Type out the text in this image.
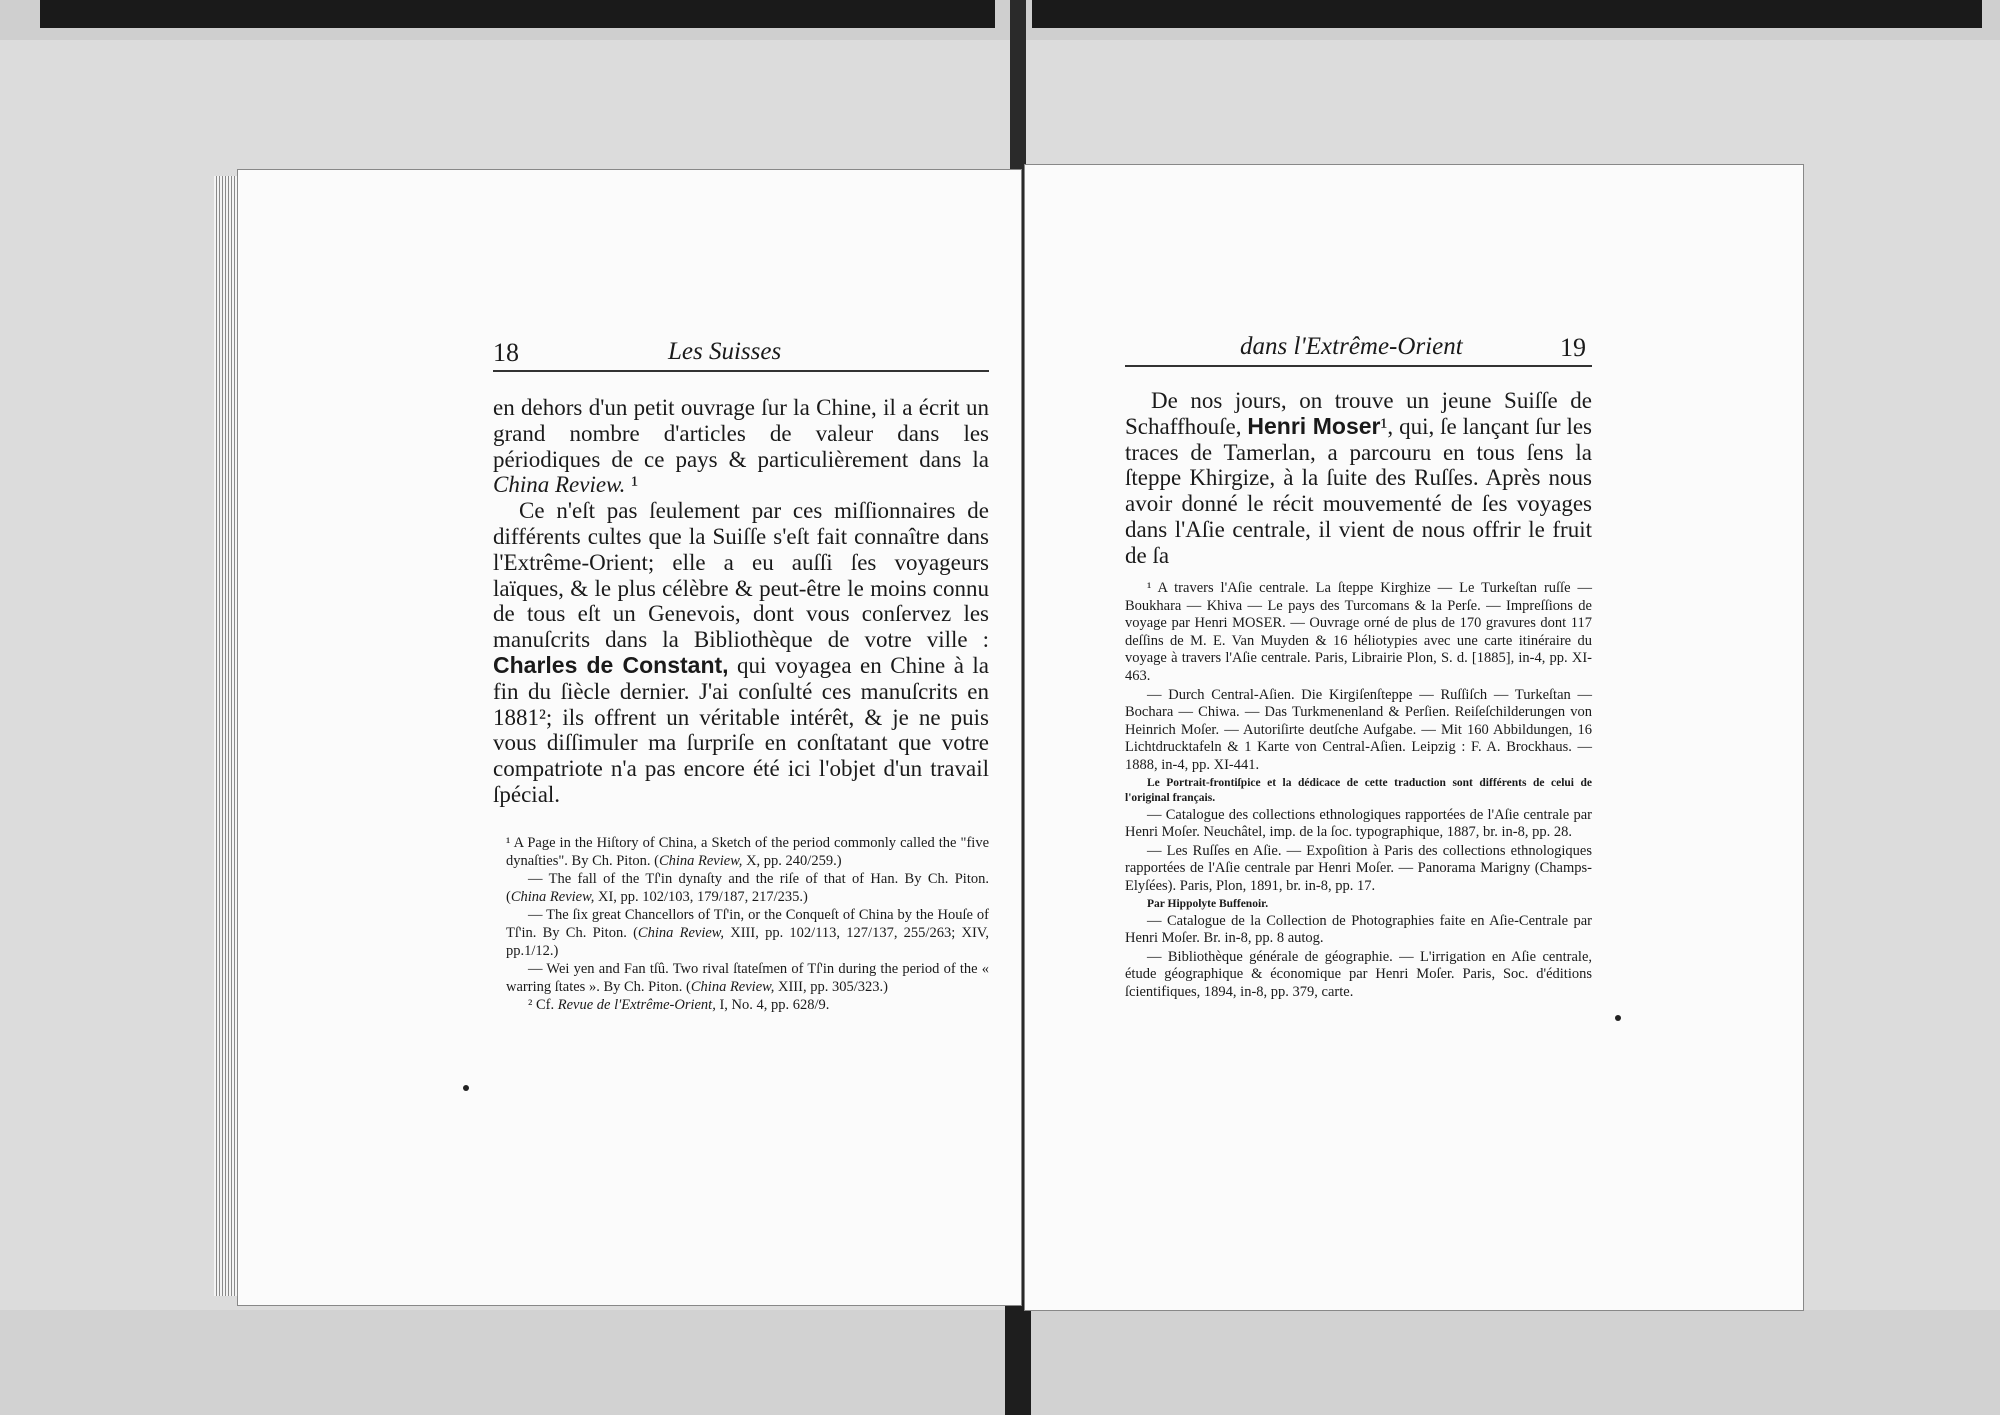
18	Les Suisses

en dehors d'un petit ouvrage ſur la Chine, il a écrit un grand nombre d'articles de valeur dans les périodiques de ce pays & particulièrement dans la China Review. ¹

Ce n'eſt pas ſeulement par ces miſſionnaires de différents cultes que la Suiſſe s'eſt fait connaître dans l'Extrême-Orient; elle a eu auſſi ſes voyageurs laïques, & le plus célèbre & peut-être le moins connu de tous eſt un Genevois, dont vous conſervez les manuſcrits dans la Bibliothèque de votre ville : Charles de Constant, qui voyagea en Chine à la fin du ſiècle dernier. J'ai conſulté ces manuſcrits en 1881²; ils offrent un véritable intérêt, & je ne puis vous diſſimuler ma ſurpriſe en conſtatant que votre compatriote n'a pas encore été ici l'objet d'un travail ſpécial.

¹ A Page in the Hiſtory of China, a Sketch of the period commonly called the "five dynaſties". By Ch. Piton. (China Review, X, pp. 240/259.)

— The fall of the Tſ'in dynaſty and the riſe of that of Han. By Ch. Piton. (China Review, XI, pp. 102/103, 179/187, 217/235.)

— The ſix great Chancellors of Tſ'in, or the Conqueſt of China by the Houſe of Tſ'in. By Ch. Piton. (China Review, XIII, pp. 102/113, 127/137, 255/263; XIV, pp.1/12.)

— Wei yen and Fan tſû. Two rival ſtateſmen of Tſ'in during the period of the « warring ſtates ». By Ch. Piton. (China Review, XIII, pp. 305/323.)

² Cf. Revue de l'Extrême-Orient, I, No. 4, pp. 628/9.

dans l'Extrême-Orient	19

De nos jours, on trouve un jeune Suiſſe de Schaffhouſe, Henri Moser¹, qui, ſe lançant ſur les traces de Tamerlan, a parcouru en tous ſens la ſteppe Khirgize, à la ſuite des Ruſſes. Après nous avoir donné le récit mouvementé de ſes voyages dans l'Aſie centrale, il vient de nous offrir le fruit de ſa

¹ A travers l'Aſie centrale. La ſteppe Kirghize — Le Turkeſtan ruſſe — Boukhara — Khiva — Le pays des Turcomans & la Perſe. — Impreſſions de voyage par Henri MOSER. — Ouvrage orné de plus de 170 gravures dont 117 deſſins de M. E. Van Muyden & 16 héliotypies avec une carte itinéraire du voyage à travers l'Aſie centrale. Paris, Librairie Plon, S. d. [1885], in-4, pp. XI-463.

— Durch Central-Aſien. Die Kirgiſenſteppe — Ruſſiſch — Turkeſtan — Bochara — Chiwa. — Das Turkmenenland & Perſien. Reiſeſchilderungen von Heinrich Moſer. — Autoriſirte deutſche Aufgabe. — Mit 160 Abbildungen, 16 Lichtdrucktafeln & 1 Karte von Central-Aſien. Leipzig : F. A. Brockhaus. — 1888, in-4, pp. XI-441.

Le Portrait-frontiſpice et la dédicace de cette traduction sont différents de celui de l'original français.

— Catalogue des collections ethnologiques rapportées de l'Aſie centrale par Henri Moſer. Neuchâtel, imp. de la ſoc. typographique, 1887, br. in-8, pp. 28.

— Les Ruſſes en Aſie. — Expoſition à Paris des collections ethnologiques rapportées de l'Aſie centrale par Henri Moſer. — Panorama Marigny (Champs-Elyſées). Paris, Plon, 1891, br. in-8, pp. 17.

Par Hippolyte Buffenoir.

— Catalogue de la Collection de Photographies faite en Aſie-Centrale par Henri Moſer. Br. in-8, pp. 8 autog.

— Bibliothèque générale de géographie. — L'irrigation en Aſie centrale, étude géographique & économique par Henri Moſer. Paris, Soc. d'éditions ſcientifiques, 1894, in-8, pp. 379, carte.
